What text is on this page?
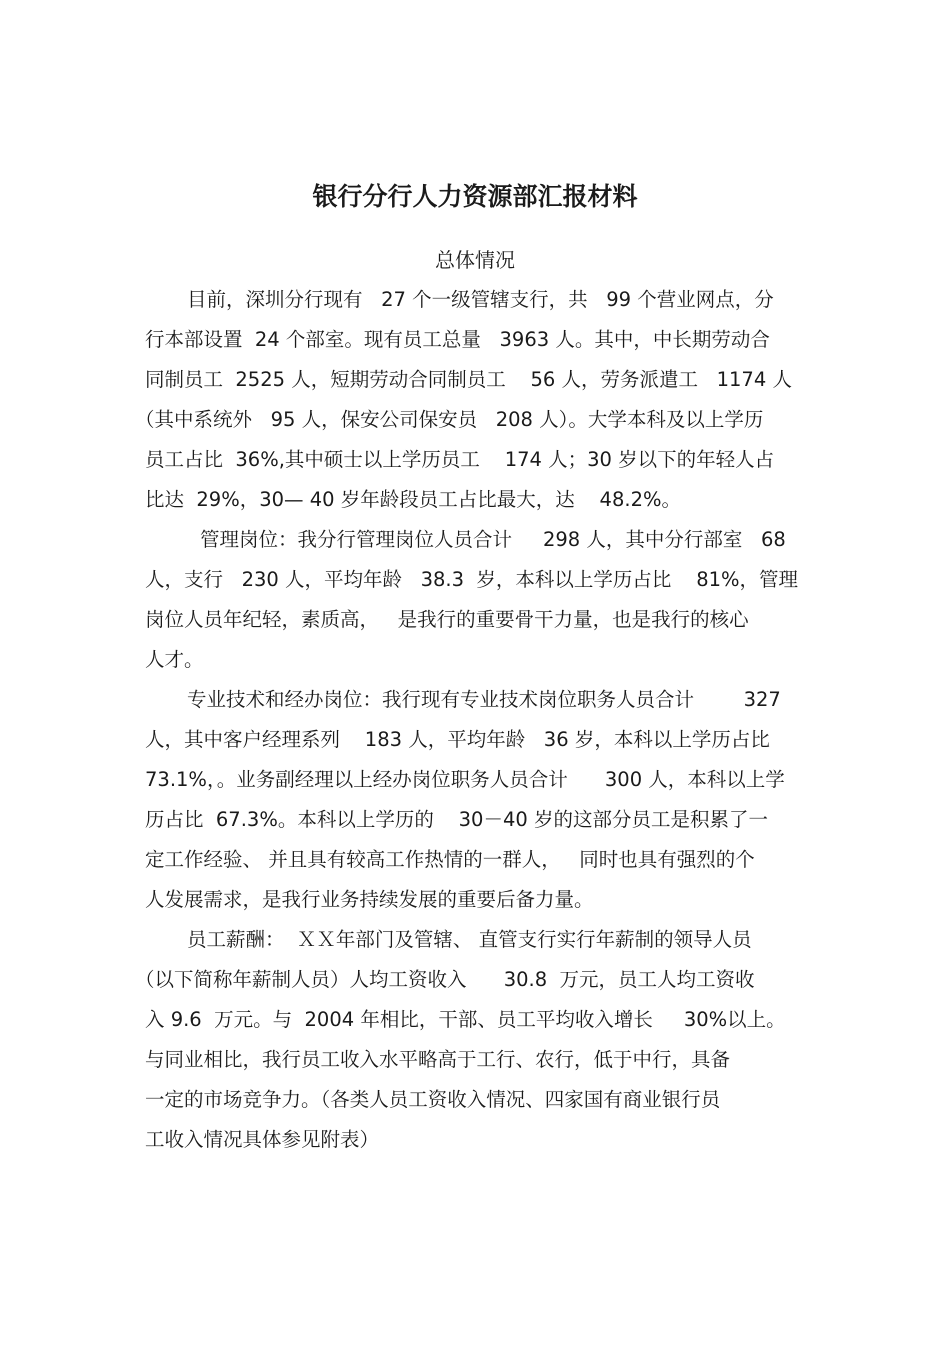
银行分行人力资源部汇报材料
总体情况
目前，深圳分行现有   27 个一级管辖支行，共   99 个营业网点，分
行本部设置  24 个部室。现有员工总量   3963 人。其中，中长期劳动合
同制员工  2525 人，短期劳动合同制员工    56 人，劳务派遣工   1174 人
（其中系统外   95 人，保安公司保安员   208 人）。大学本科及以上学历
员工占比  36%,其中硕士以上学历员工    174 人；30 岁以下的年轻人占
比达  29%，30— 40 岁年龄段员工占比最大，达    48.2%。
管理岗位：我分行管理岗位人员合计     298 人，其中分行部室   68
人，支行   230 人，平均年龄   38.3  岁，本科以上学历占比    81%，管理
岗位人员年纪轻，素质高，   是我行的重要骨干力量，也是我行的核心
人才。
专业技术和经办岗位：我行现有专业技术岗位职务人员合计        327
人，其中客户经理系列    183 人，平均年龄   36 岁，本科以上学历占比
73.1%，。业务副经理以上经办岗位职务人员合计      300 人，本科以上学
历占比  67.3%。本科以上学历的    30－40 岁的这部分员工是积累了一
定工作经验、 并且具有较高工作热情的一群人，   同时也具有强烈的个
人发展需求，是我行业务持续发展的重要后备力量。
员工薪酬：  ＸＸ年部门及管辖、 直管支行实行年薪制的领导人员
（以下简称年薪制人员）人均工资收入      30.8  万元，员工人均工资收
入 9.6  万元。与  2004 年相比，干部、员工平均收入增长     30%以上。
与同业相比，我行员工收入水平略高于工行、农行，低于中行，具备
一定的市场竞争力。（各类人员工资收入情况、四家国有商业银行员
工收入情况具体参见附表）
